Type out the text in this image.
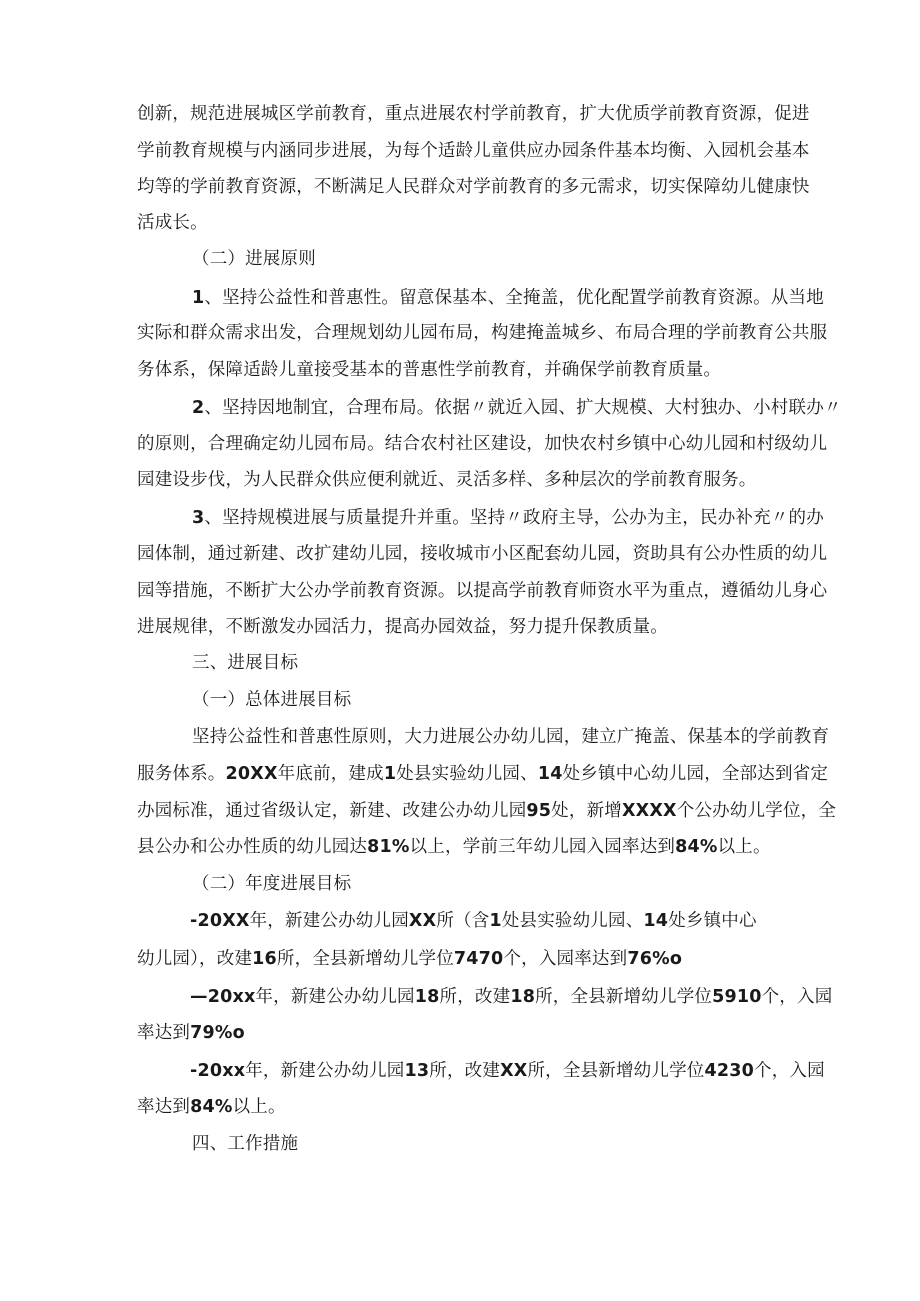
创新，规范进展城区学前教育，重点进展农村学前教育，扩大优质学前教育资源，促进
学前教育规模与内涵同步进展，为每个适龄儿童供应办园条件基本均衡、入园机会基本
均等的学前教育资源，不断满足人民群众对学前教育的多元需求，切实保障幼儿健康快
活成长。
（二）进展原则
1、坚持公益性和普惠性。留意保基本、全掩盖，优化配置学前教育资源。从当地
实际和群众需求出发，合理规划幼儿园布局，构建掩盖城乡、布局合理的学前教育公共服
务体系，保障适龄儿童接受基本的普惠性学前教育，并确保学前教育质量。
2、坚持因地制宜，合理布局。依据〃就近入园、扩大规模、大村独办、小村联办〃
的原则，合理确定幼儿园布局。结合农村社区建设，加快农村乡镇中心幼儿园和村级幼儿
园建设步伐，为人民群众供应便利就近、灵活多样、多种层次的学前教育服务。
3、坚持规模进展与质量提升并重。坚持〃政府主导，公办为主，民办补充〃的办
园体制，通过新建、改扩建幼儿园，接收城市小区配套幼儿园，资助具有公办性质的幼儿
园等措施，不断扩大公办学前教育资源。以提高学前教育师资水平为重点，遵循幼儿身心
进展规律，不断激发办园活力，提高办园效益，努力提升保教质量。
三、进展目标
（一）总体进展目标
坚持公益性和普惠性原则，大力进展公办幼儿园，建立广掩盖、保基本的学前教育
服务体系。20XX年底前，建成1处县实验幼儿园、14处乡镇中心幼儿园，全部达到省定
办园标准，通过省级认定，新建、改建公办幼儿园95处，新增XXXX个公办幼儿学位，全
县公办和公办性质的幼儿园达81%以上，学前三年幼儿园入园率达到84%以上。
（二）年度进展目标
-20XX年，新建公办幼儿园XX所（含1处县实验幼儿园、14处乡镇中心
幼儿园），改建16所，全县新增幼儿学位7470个，入园率达到76%o
—20xx年，新建公办幼儿园18所，改建18所，全县新增幼儿学位5910个，入园
率达到79%o
-20xx年，新建公办幼儿园13所，改建XX所，全县新增幼儿学位4230个，入园
率达到84%以上。
四、工作措施
